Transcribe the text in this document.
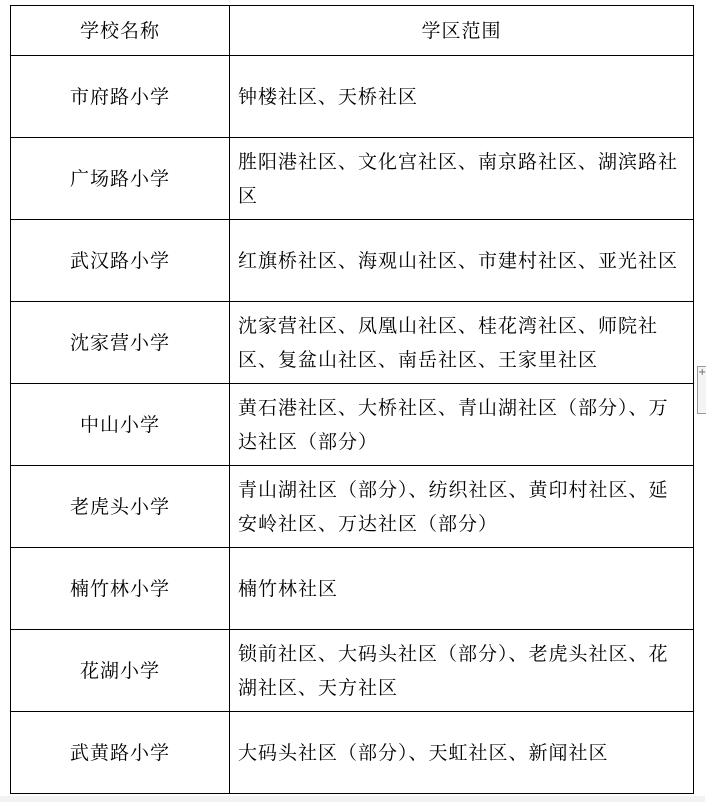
学校名称	学区范围
市府路小学	钟楼社区、天桥社区
广场路小学	胜阳港社区、文化宫社区、南京路社区、湖滨路社区
武汉路小学	红旗桥社区、海观山社区、市建村社区、亚光社区
沈家营小学	沈家营社区、凤凰山社区、桂花湾社区、师院社区、复盆山社区、南岳社区、王家里社区
中山小学	黄石港社区、大桥社区、青山湖社区（部分）、万达社区（部分）
老虎头小学	青山湖社区（部分）、纺织社区、黄印村社区、延安岭社区、万达社区（部分）
楠竹林小学	楠竹林社区
花湖小学	锁前社区、大码头社区（部分）、老虎头社区、花湖社区、天方社区
武黄路小学	大码头社区（部分）、天虹社区、新闻社区
+
